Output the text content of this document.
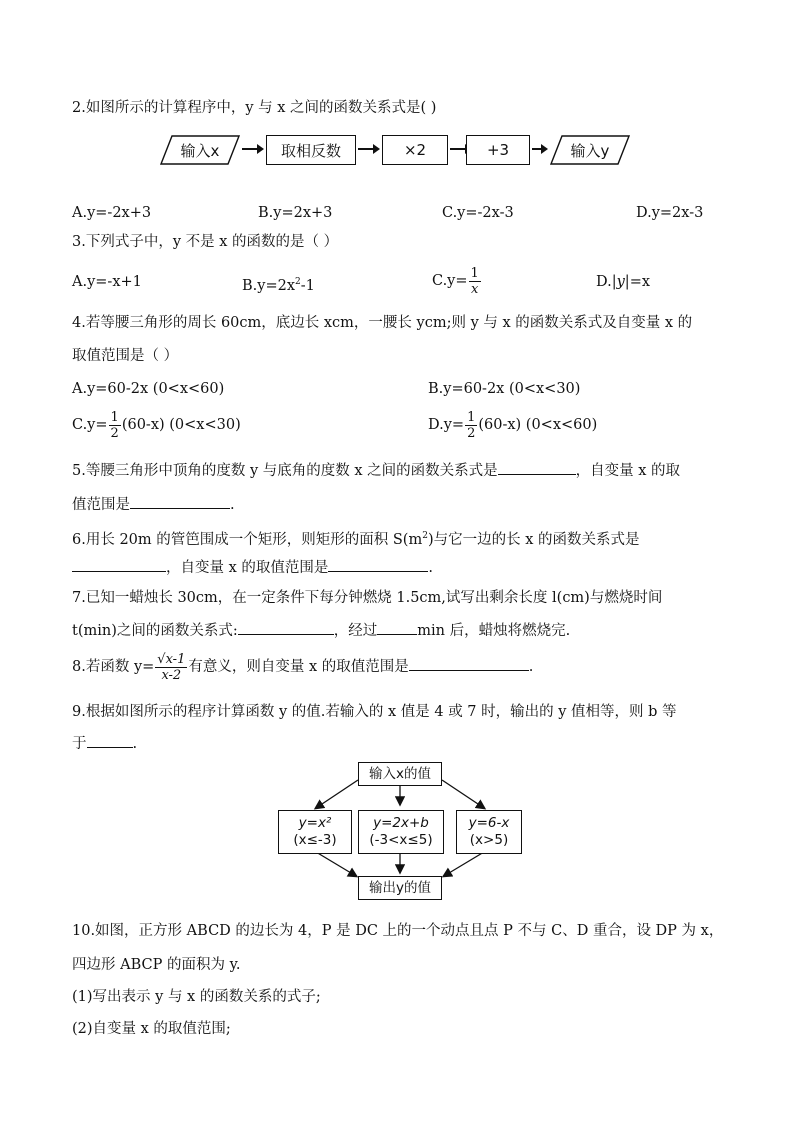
2.如图所示的计算程序中，y 与 x 之间的函数关系式是( )
输入x	取相反数	×2	+3	输入y
A.y=-2x+3	B.y=2x+3	C.y=-2x-3	D.y=2x-3
3.下列式子中，y 不是 x 的函数的是（ ）
A.y=-x+1	$B.y=2x^2-1$	$C.y= \frac{1}{x}$	D.|y|=x
4.若等腰三角形的周长 60cm，底边长 xcm，一腰长 ycm;则 y 与 x 的函数关系式及自变量 x 的
取值范围是（ ）
A.y=60-2x (0<x<60)	B.y=60-2x (0<x<30)
$C.y= \frac{1}{2} (60-x)$ (0<x<30)	$D.y= \frac{1}{2} (60-x)$ (0<x<60)
5.等腰三角形中顶角的度数 y 与底角的度数 x 之间的函数关系式是	，自变量 x 的取
值范围是	.
6.用长 20m 的管笆围成一个矩形，则矩形的面积 $S(m^2)$与它一边的长 x 的函数关系式是
，自变量 x 的取值范围是	.
7.已知一蜡烛长 30cm，在一定条件下每分钟燃烧 1.5cm,试写出剩余长度 l(cm)与燃烧时间
t(min)之间的函数关系式:	，经过	min 后，蜡烛将燃烧完.
8.若函数 $y= \frac{√x-1}{x-2}$ 有意义，则自变量 x 的取值范围是	.
9.根据如图所示的程序计算函数 y 的值.若输入的 x 值是 4 或 7 时，输出的 y 值相等，则 b 等
于	.
输入x的值
y=x²
(x≤-3)
y=2x+b
(-3<x≤5)
y=6-x
(x>5)
输出y的值
10.如图，正方形 ABCD 的边长为 4，P 是 DC 上的一个动点且点 P 不与 C、D 重合，设 DP 为 x，
四边形 ABCP 的面积为 y.
(1)写出表示 y 与 x 的函数关系的式子;
(2)自变量 x 的取值范围;
